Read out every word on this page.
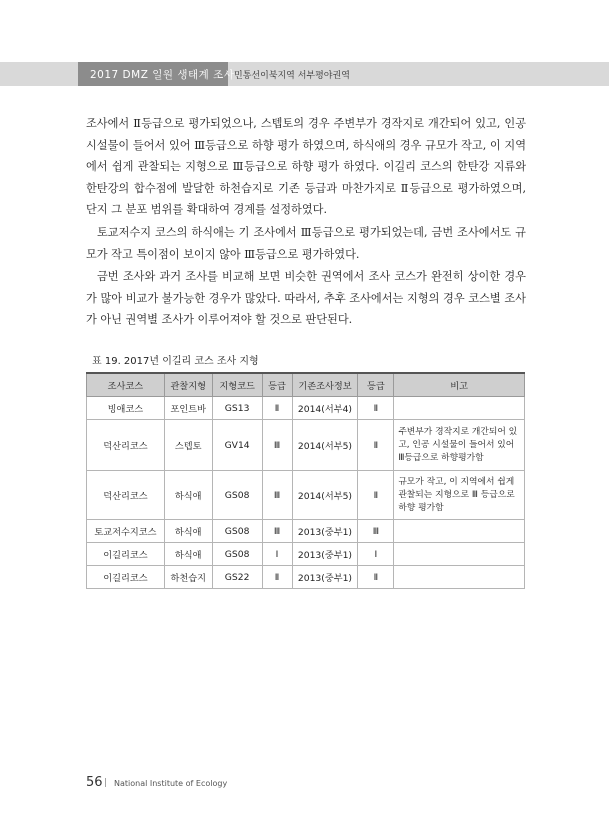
2017 DMZ 일원 생태계 조사 민통선이북지역 서부평야권역

조사에서 Ⅱ등급으로 평가되었으나, 스텝토의 경우 주변부가 경작지로 개간되어 있고, 인공 시설물이 들어서 있어 Ⅲ등급으로 하향 평가 하였으며, 하식애의 경우 규모가 작고, 이 지역에서 쉽게 관찰되는 지형으로 Ⅲ등급으로 하향 평가 하였다. 이길리 코스의 한탄강 지류와 한탄강의 합수점에 발달한 하천습지로 기존 등급과 마찬가지로 Ⅱ등급으로 평가하였으며, 단지 그 분포 범위를 확대하여 경계를 설정하였다.

토교저수지 코스의 하식애는 기 조사에서 Ⅲ등급으로 평가되었는데, 금번 조사에서도 규모가 작고 특이점이 보이지 않아 Ⅲ등급으로 평가하였다.

금번 조사와 과거 조사를 비교해 보면 비슷한 권역에서 조사 코스가 완전히 상이한 경우가 많아 비교가 불가능한 경우가 많았다. 따라서, 추후 조사에서는 지형의 경우 코스별 조사가 아닌 권역별 조사가 이루어져야 할 것으로 판단된다.

표 19. 2017년 이길리 코스 조사 지형
조사코스	관찰지형	지형코드	등급	기존조사정보	등급	비고
빙애코스	포인트바	GS13	Ⅱ	2014(서부4)	Ⅱ	
덕산리코스	스텝토	GV14	Ⅲ	2014(서부5)	Ⅱ	주변부가 경작지로 개간되어 있고, 인공 시설물이 들어서 있어 Ⅲ등급으로 하향평가함
덕산리코스	하식애	GS08	Ⅲ	2014(서부5)	Ⅱ	규모가 작고, 이 지역에서 쉽게 관찰되는 지형으로 Ⅲ 등급으로 하향 평가함
토교저수지코스	하식애	GS08	Ⅲ	2013(중부1)	Ⅲ	
이길리코스	하식애	GS08	Ⅰ	2013(중부1)	Ⅰ	
이길리코스	하천습지	GS22	Ⅱ	2013(중부1)	Ⅱ	
56 | National Institute of Ecology
